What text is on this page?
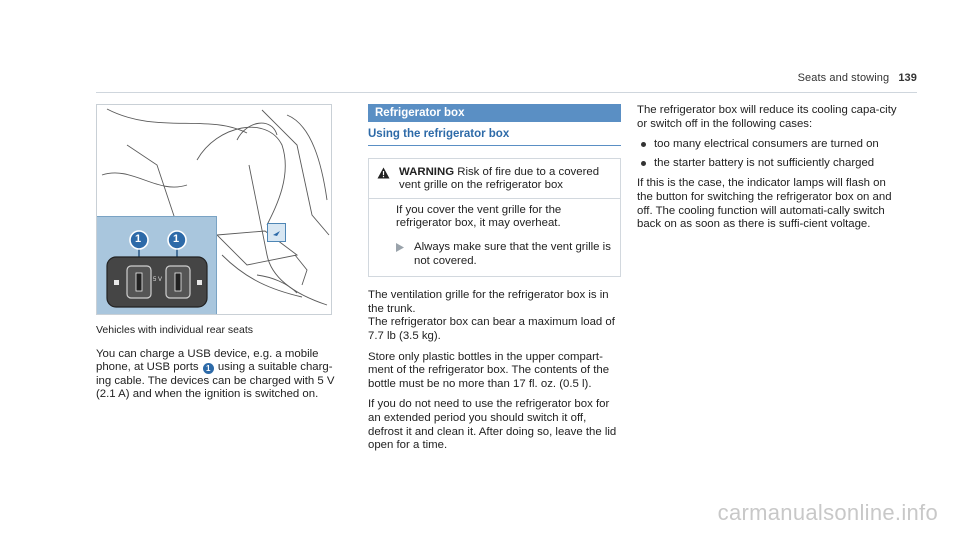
Seats and stowing 139
1	1
5 V

Vehicles with individual rear seats

You can charge a USB device, e.g. a mobile phone, at USB ports 1 using a suitable charg-ing cable. The devices can be charged with 5 V (2.1 A) and when the ignition is switched on.

Refrigerator box
Using the refrigerator box
WARNING Risk of fire due to a covered vent grille on the refrigerator box
If you cover the vent grille for the refrigerator box, it may overheat.
Always make sure that the vent grille is not covered.

The ventilation grille for the refrigerator box is in the trunk.
The refrigerator box can bear a maximum load of 7.7 lb (3.5 kg).

Store only plastic bottles in the upper compart-ment of the refrigerator box. The contents of the bottle must be no more than 17 fl. oz. (0.5 l).

If you do not need to use the refrigerator box for an extended period you should switch it off, defrost it and clean it. After doing so, leave the lid open for a time.

The refrigerator box will reduce its cooling capa-city or switch off in the following cases:

too many electrical consumers are turned on
the starter battery is not sufficiently charged

If this is the case, the indicator lamps will flash on the button for switching the refrigerator box on and off. The cooling function will automati-cally switch back on as soon as there is suffi-cient voltage.

carmanualsonline.info
